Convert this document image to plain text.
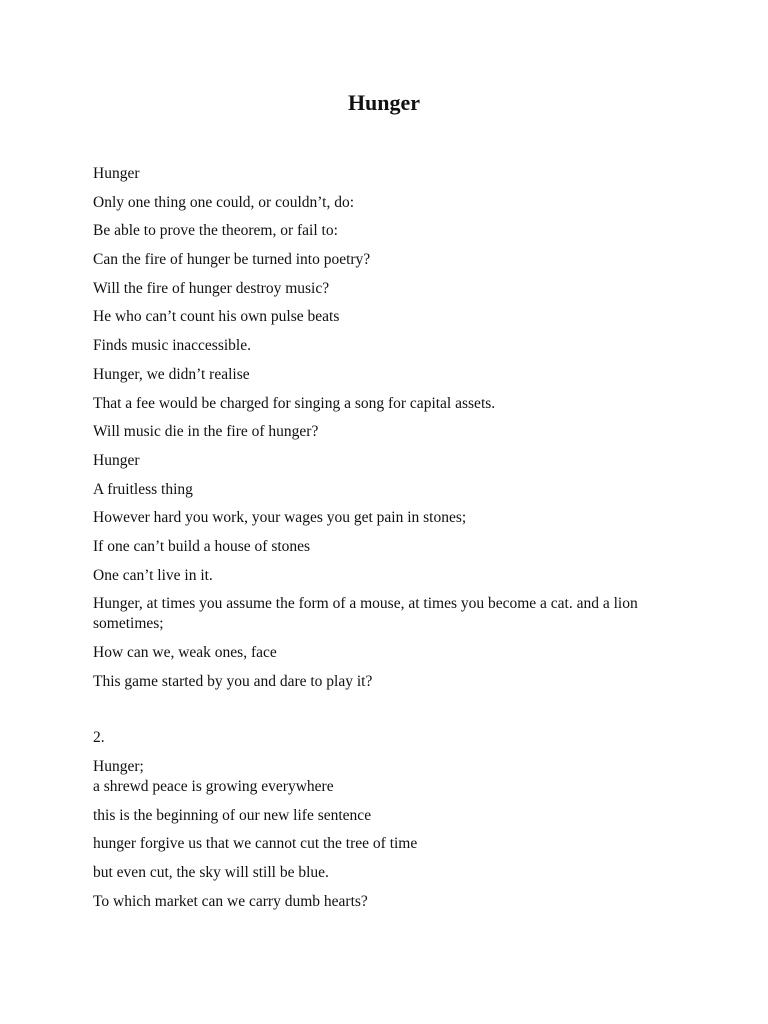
Hunger
Hunger
Only one thing one could, or couldn’t, do:
Be able to prove the theorem, or fail to:
Can the fire of hunger be turned into poetry?
Will the fire of hunger destroy music?
He who can’t count his own pulse beats
Finds music inaccessible.
Hunger, we didn’t realise
That a fee would be charged for singing a song for capital assets.
Will music die in the fire of hunger?
Hunger
A fruitless thing
However hard you work, your wages you get pain in stones;
If one can’t build a house of stones
One can’t live in it.
Hunger, at times you assume the form of a mouse, at times you become a cat. and a lion sometimes;
How can we, weak ones, face
This game started by you and dare to play it?
2.
Hunger;
a shrewd peace is growing everywhere
this is the beginning of our new life sentence
hunger forgive us that we cannot cut the tree of time
but even cut, the sky will still be blue.
To which market can we carry dumb hearts?
